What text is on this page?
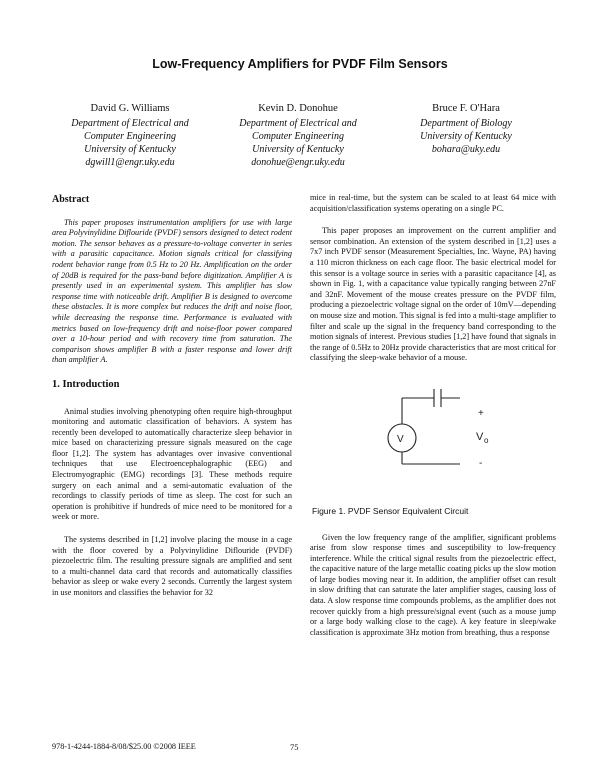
Low-Frequency Amplifiers for PVDF Film Sensors
David G. Williams
Department of Electrical and
Computer Engineering
University of Kentucky
dgwill1@engr.uky.edu
Kevin D. Donohue
Department of Electrical and
Computer Engineering
University of Kentucky
donohue@engr.uky.edu
Bruce F. O'Hara
Department of Biology
University of Kentucky
bohara@uky.edu

Abstract

This paper proposes instrumentation amplifiers for use with large area Polyvinylidine Diflouride (PVDF) sensors designed to detect rodent motion. The sensor behaves as a pressure-to-voltage converter in series with a parasitic capacitance. Motion signals critical for classifying rodent behavior range from 0.5 Hz to 20 Hz. Amplification on the order of 20dB is required for the pass-band before digitization. Amplifier A is presently used in an experimental system. This amplifier has slow response time with noticeable drift. Amplifier B is designed to overcome these obstacles. It is more complex but reduces the drift and noise floor, while decreasing the response time. Performance is evaluated with metrics based on low-frequency drift and noise-floor power compared over a 10-hour period and with recovery time from saturation. The comparison shows amplifier B with a faster response and lower drift than amplifier A.

1. Introduction

Animal studies involving phenotyping often require high-throughput monitoring and automatic classification of behaviors. A system has recently been developed to automatically characterize sleep behavior in mice based on characterizing pressure signals measured on the cage floor [1,2]. The system has advantages over invasive conventional techniques that use Electroencephalographic (EEG) and Electromyographic (EMG) recordings [3]. These methods require surgery on each animal and a semi-automatic evaluation of the recordings to classify periods of time as sleep. The cost for such an operation is prohibitive if hundreds of mice need to be monitored for a week or more.

The systems described in [1,2] involve placing the mouse in a cage with the floor covered by a Polyvinylidine Diflouride (PVDF) piezoelectric film. The resulting pressure signals are amplified and sent to a multi-channel data card that records and automatically classifies behavior as sleep or wake every 2 seconds. Currently the largest system in use monitors and classifies the behavior for 32

mice in real-time, but the system can be scaled to at least 64 mice with acquisition/classification systems operating on a single PC.

This paper proposes an improvement on the current amplifier and sensor combination. An extension of the system described in [1,2] uses a 7x7 inch PVDF sensor (Measurement Specialties, Inc. Wayne, PA) having a 110 micron thickness on each cage floor. The basic electrical model for this sensor is a voltage source in series with a parasitic capacitance [4], as shown in Fig. 1, with a capacitance value typically ranging between 27nF and 32nF. Movement of the mouse creates pressure on the PVDF film, producing a piezoelectric voltage signal on the order of 10mV—depending on mouse size and motion. This signal is fed into a multi-stage amplifier to filter and scale up the signal in the frequency band corresponding to the motion signals of interest. Previous studies [1,2] have found that signals in the range of 0.5Hz to 20Hz provide characteristics that are most critical for classifying the sleep-wake behavior of a mouse.

V
+
V o
-

Figure 1. PVDF Sensor Equivalent Circuit

Given the low frequency range of the amplifier, significant problems arise from slow response times and susceptibility to low-frequency interference. While the critical signal results from the piezoelectric effect, the capacitive nature of the large metallic coating picks up the slow motion of large bodies moving near it. In addition, the amplifier offset can result in slow drifting that can saturate the later amplifier stages, causing loss of data. A slow response time compounds problems, as the amplifier does not recover quickly from a high pressure/signal event (such as a mouse jump or a large body walking close to the cage). A key feature in sleep/wake classification is approximate 3Hz motion from breathing, thus a response

978-1-4244-1884-8/08/$25.00 ©2008 IEEE	75
